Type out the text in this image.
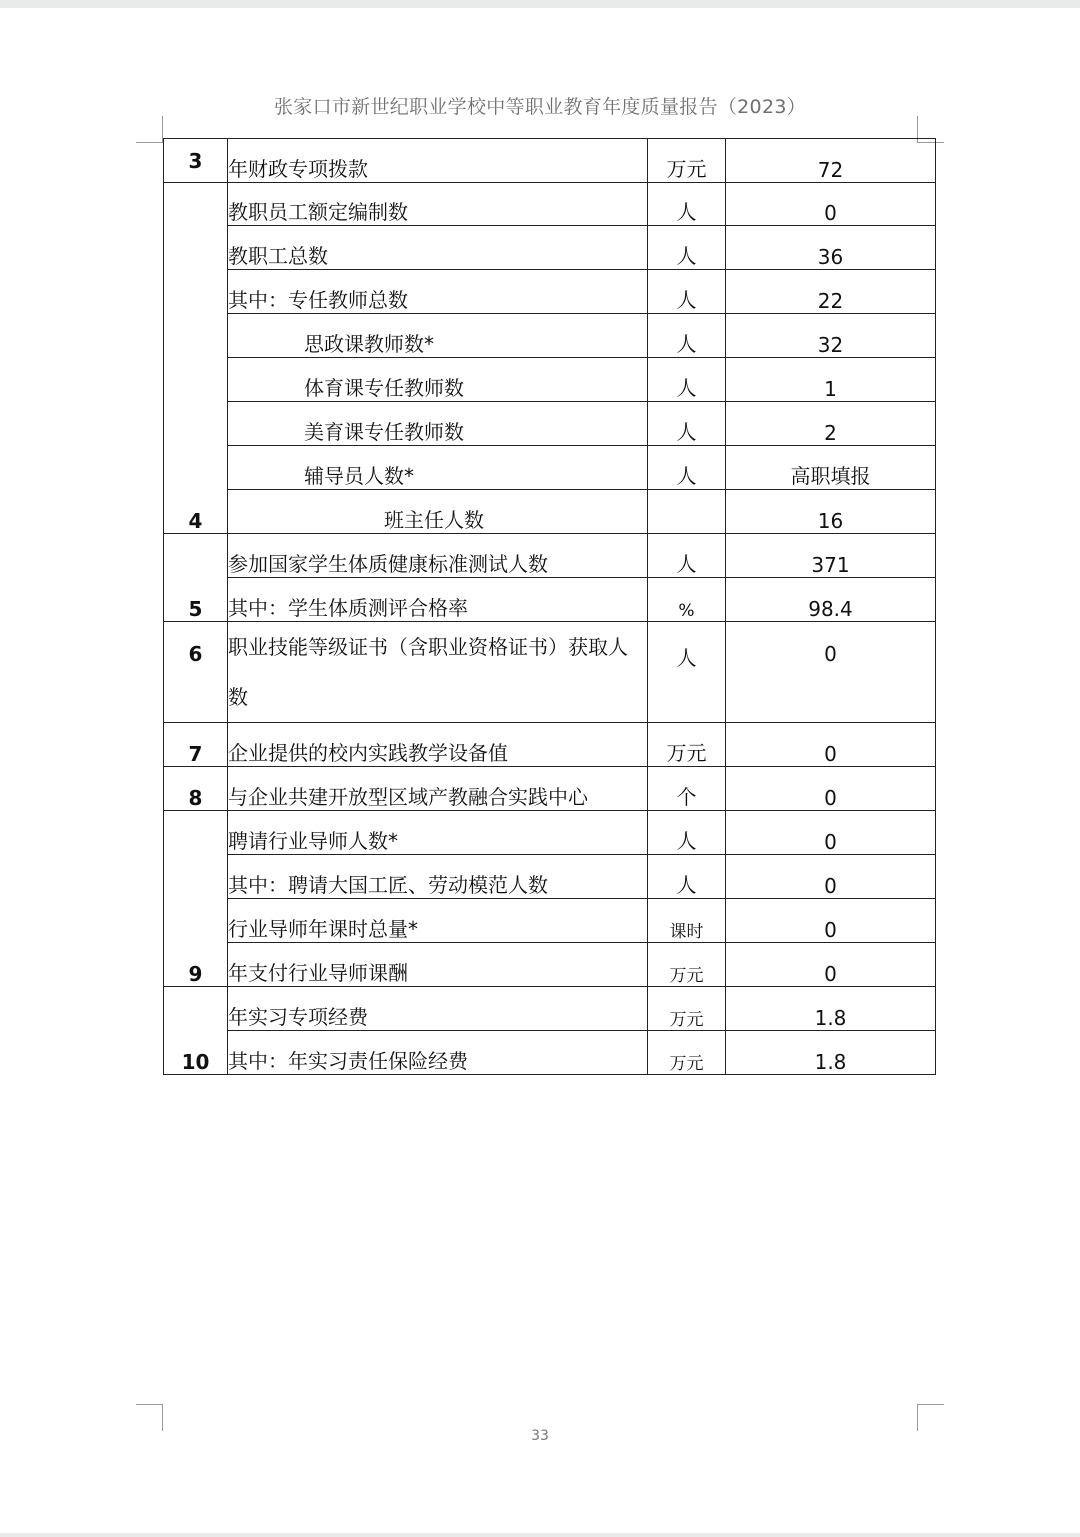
张家口市新世纪职业学校中等职业教育年度质量报告（2023）
3	年财政专项拨款	万元	72
4	教职员工额定编制数	人	0
	教职工总数	人	36
	其中：专任教师总数	人	22
	思政课教师数*	人	32
	体育课专任教师数	人	1
	美育课专任教师数	人	2
	辅导员人数*	人	高职填报
	班主任人数		16
5	参加国家学生体质健康标准测试人数	人	371
	其中：学生体质测评合格率	%	98.4
6	职业技能等级证书（含职业资格证书）获取人数	人	0
7	企业提供的校内实践教学设备值	万元	0
8	与企业共建开放型区域产教融合实践中心	个	0
9	聘请行业导师人数*	人	0
	其中：聘请大国工匠、劳动模范人数	人	0
	行业导师年课时总量*	课时	0
	年支付行业导师课酬	万元	0
10	年实习专项经费	万元	1.8
	其中：年实习责任保险经费	万元	1.8
33
